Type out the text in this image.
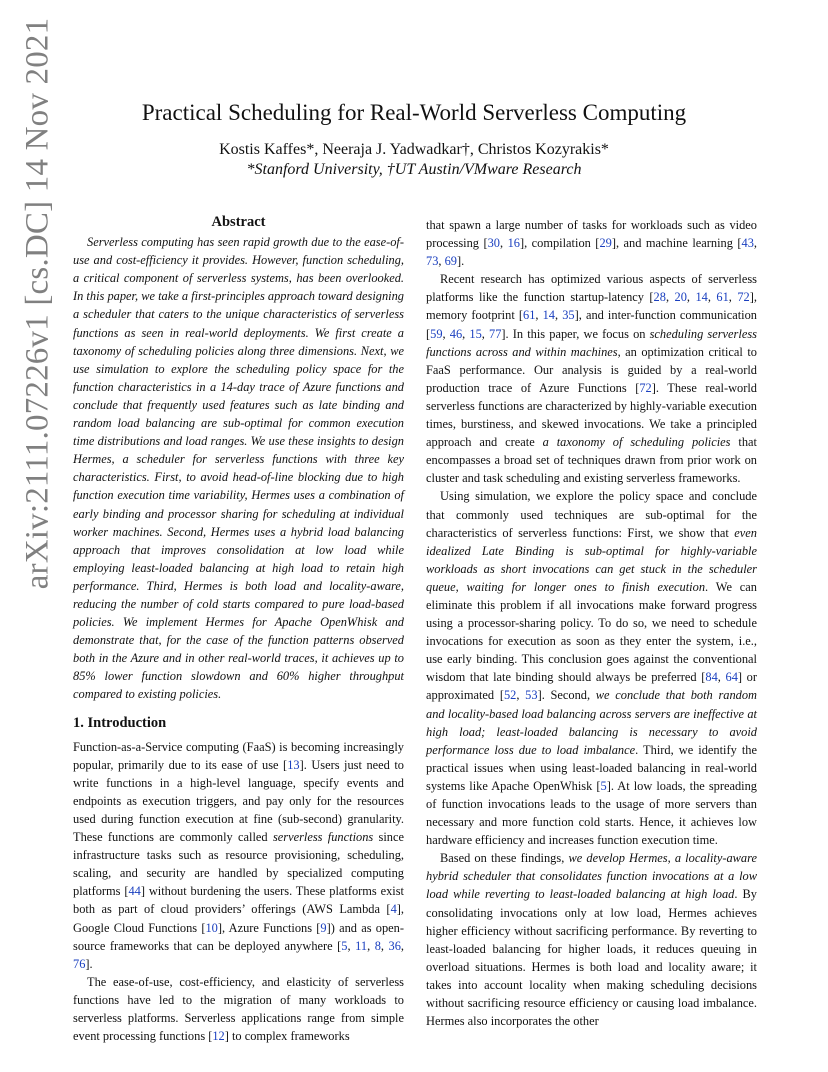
arXiv:2111.07226v1 [cs.DC] 14 Nov 2021	Practical Scheduling for Real-World Serverless Computing
Kostis Kaffes*, Neeraja J. Yadwadkar†, Christos Kozyrakis*
*Stanford University, †UT Austin/VMware Research
Abstract

Serverless computing has seen rapid growth due to the ease-of-use and cost-efficiency it provides. However, function scheduling, a critical component of serverless systems, has been overlooked. In this paper, we take a first-principles approach toward designing a scheduler that caters to the unique characteristics of serverless functions as seen in real-world deployments. We first create a taxonomy of scheduling policies along three dimensions. Next, we use simulation to explore the scheduling policy space for the function characteristics in a 14-day trace of Azure functions and conclude that frequently used features such as late binding and random load balancing are sub-optimal for common execution time distributions and load ranges. We use these insights to design Hermes, a scheduler for serverless functions with three key characteristics. First, to avoid head-of-line blocking due to high function execution time variability, Hermes uses a combination of early binding and processor sharing for scheduling at individual worker machines. Second, Hermes uses a hybrid load balancing approach that improves consolidation at low load while employing least-loaded balancing at high load to retain high performance. Third, Hermes is both load and locality-aware, reducing the number of cold starts compared to pure load-based policies. We implement Hermes for Apache OpenWhisk and demonstrate that, for the case of the function patterns observed both in the Azure and in other real-world traces, it achieves up to 85% lower function slowdown and 60% higher throughput compared to existing policies.

1. Introduction

Function-as-a-Service computing (FaaS) is becoming increasingly popular, primarily due to its ease of use [13]. Users just need to write functions in a high-level language, specify events and endpoints as execution triggers, and pay only for the resources used during function execution at fine (sub-second) granularity. These functions are commonly called serverless functions since infrastructure tasks such as resource provisioning, scheduling, scaling, and security are handled by specialized computing platforms [44] without burdening the users. These platforms exist both as part of cloud providers’ offerings (AWS Lambda [4], Google Cloud Functions [10], Azure Functions [9]) and as open-source frameworks that can be deployed anywhere [5, 11, 8, 36, 76].

The ease-of-use, cost-efficiency, and elasticity of serverless functions have led to the migration of many workloads to serverless platforms. Serverless applications range from simple event processing functions [12] to complex frameworks

that spawn a large number of tasks for workloads such as video processing [30, 16], compilation [29], and machine learning [43, 73, 69].

Recent research has optimized various aspects of serverless platforms like the function startup-latency [28, 20, 14, 61, 72], memory footprint [61, 14, 35], and inter-function communication [59, 46, 15, 77]. In this paper, we focus on scheduling serverless functions across and within machines, an optimization critical to FaaS performance. Our analysis is guided by a real-world production trace of Azure Functions [72]. These real-world serverless functions are characterized by highly-variable execution times, burstiness, and skewed invocations. We take a principled approach and create a taxonomy of scheduling policies that encompasses a broad set of techniques drawn from prior work on cluster and task scheduling and existing serverless frameworks.

Using simulation, we explore the policy space and conclude that commonly used techniques are sub-optimal for the characteristics of serverless functions: First, we show that even idealized Late Binding is sub-optimal for highly-variable workloads as short invocations can get stuck in the scheduler queue, waiting for longer ones to finish execution. We can eliminate this problem if all invocations make forward progress using a processor-sharing policy. To do so, we need to schedule invocations for execution as soon as they enter the system, i.e., use early binding. This conclusion goes against the conventional wisdom that late binding should always be preferred [84, 64] or approximated [52, 53]. Second, we conclude that both random and locality-based load balancing across servers are ineffective at high load; least-loaded balancing is necessary to avoid performance loss due to load imbalance. Third, we identify the practical issues when using least-loaded balancing in real-world systems like Apache OpenWhisk [5]. At low loads, the spreading of function invocations leads to the usage of more servers than necessary and more function cold starts. Hence, it achieves low hardware efficiency and increases function execution time.

Based on these findings, we develop Hermes, a locality-aware hybrid scheduler that consolidates function invocations at a low load while reverting to least-loaded balancing at high load. By consolidating invocations only at low load, Hermes achieves higher efficiency without sacrificing performance. By reverting to least-loaded balancing for higher loads, it reduces queuing in overload situations. Hermes is both load and locality aware; it takes into account locality when making scheduling decisions without sacrificing resource efficiency or causing load imbalance. Hermes also incorporates the other
